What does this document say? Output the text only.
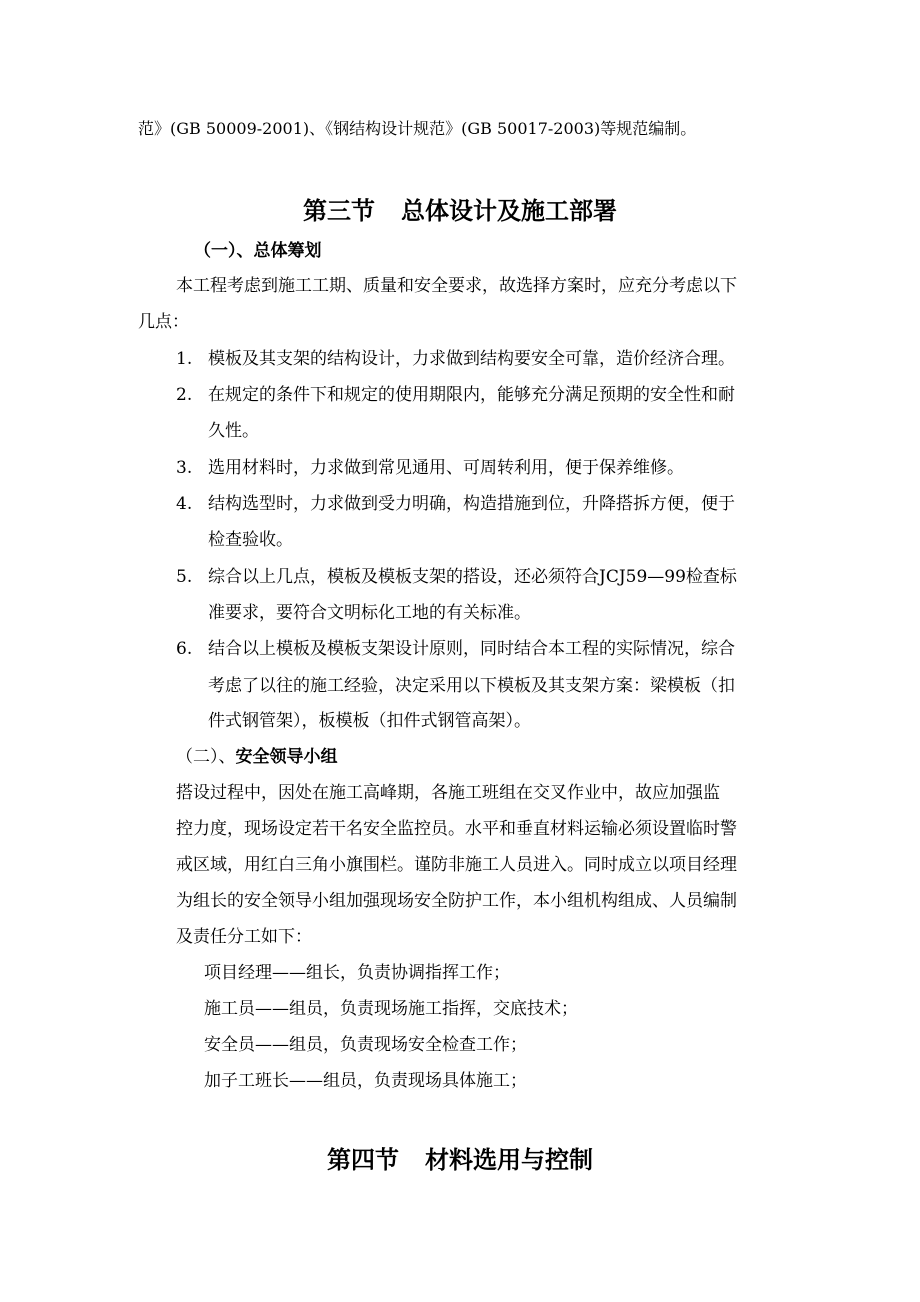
范》(GB 50009-2001)、《钢结构设计规范》(GB 50017-2003)等规范编制。
第三节 总体设计及施工部署
（一）、总体筹划
本工程考虑到施工工期、质量和安全要求，故选择方案时，应充分考虑以下
几点：
1. 模板及其支架的结构设计，力求做到结构要安全可靠，造价经济合理。
2. 在规定的条件下和规定的使用期限内，能够充分满足预期的安全性和耐
久性。
3. 选用材料时，力求做到常见通用、可周转利用，便于保养维修。
4. 结构选型时，力求做到受力明确，构造措施到位，升降搭拆方便，便于
检查验收。
5. 综合以上几点，模板及模板支架的搭设，还必须符合JCJ59—99检查标
准要求，要符合文明标化工地的有关标准。
6. 结合以上模板及模板支架设计原则，同时结合本工程的实际情况，综合
考虑了以往的施工经验，决定采用以下模板及其支架方案：梁模板（扣
件式钢管架），板模板（扣件式钢管高架）。
（二）、安全领导小组
搭设过程中，因处在施工高峰期，各施工班组在交叉作业中，故应加强监
控力度，现场设定若干名安全监控员。水平和垂直材料运输必须设置临时警
戒区域，用红白三角小旗围栏。谨防非施工人员进入。同时成立以项目经理
为组长的安全领导小组加强现场安全防护工作，本小组机构组成、人员编制
及责任分工如下：
项目经理——组长，负责协调指挥工作；
施工员——组员，负责现场施工指挥，交底技术；
安全员——组员，负责现场安全检查工作；
加子工班长——组员，负责现场具体施工；
第四节 材料选用与控制
